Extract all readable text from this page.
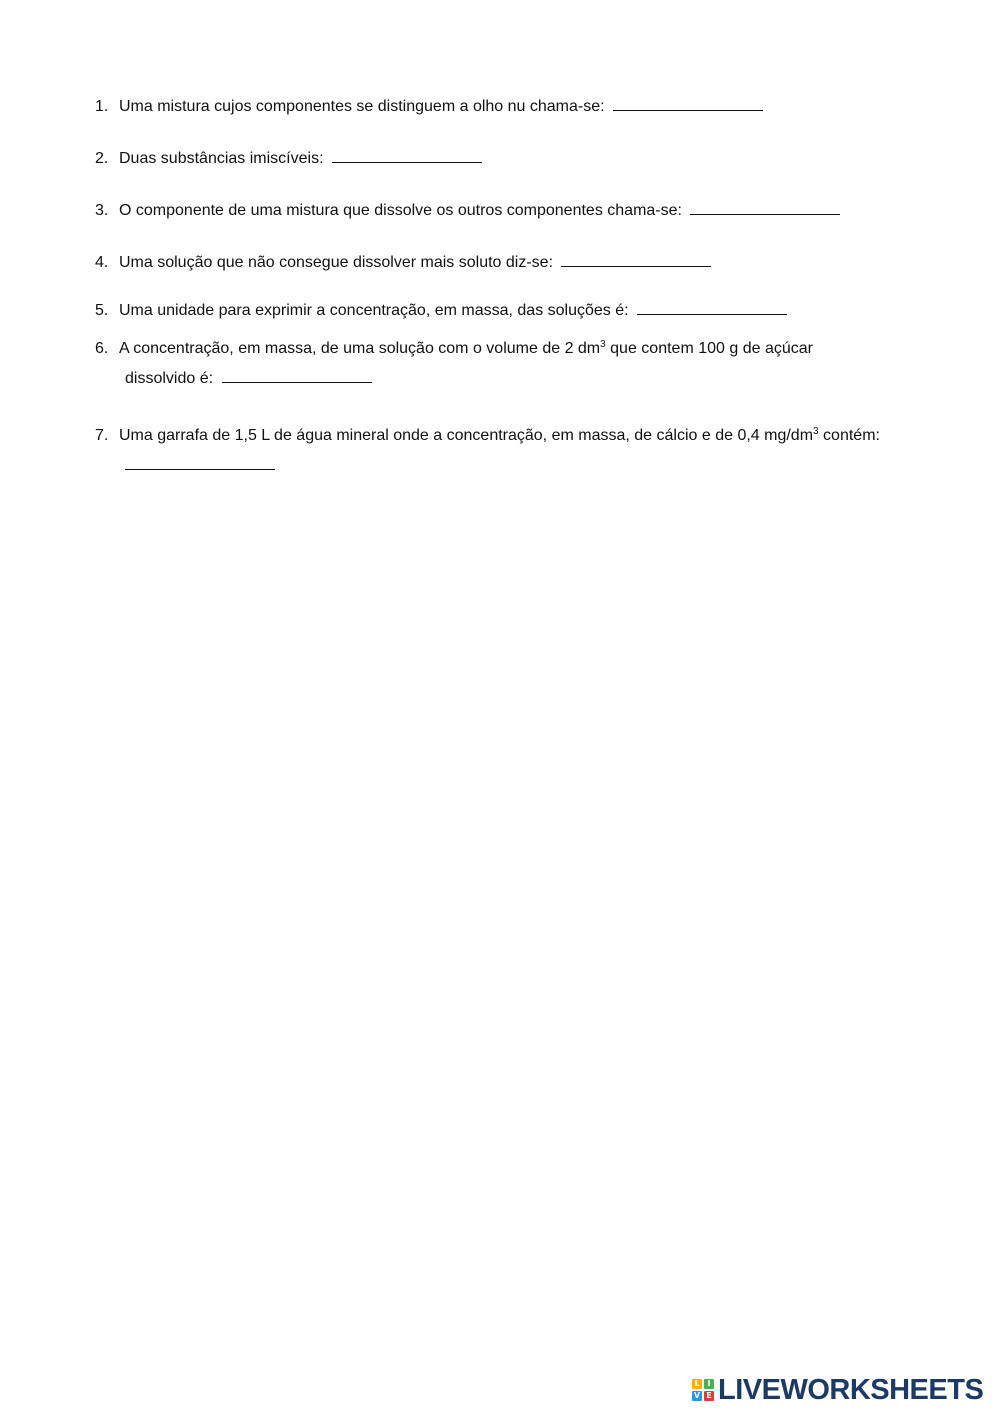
1. Uma mistura cujos componentes se distinguem a olho nu chama-se:
2. Duas substâncias imiscíveis:
3. O componente de uma mistura que dissolve os outros componentes chama-se:
4. Uma solução que não consegue dissolver mais soluto diz-se:
5. Uma unidade para exprimir a concentração, em massa, das soluções é:
6. A concentração, em massa, de uma solução com o volume de 2 $dm^3$ que contem 100 g de açúcar
dissolvido é:
7. Uma garrafa de 1,5 L de água mineral onde a concentração, em massa, de cálcio e de 0,4 $mg/dm^3$ contém:
L I
V E LIVEWORKSHEETS
